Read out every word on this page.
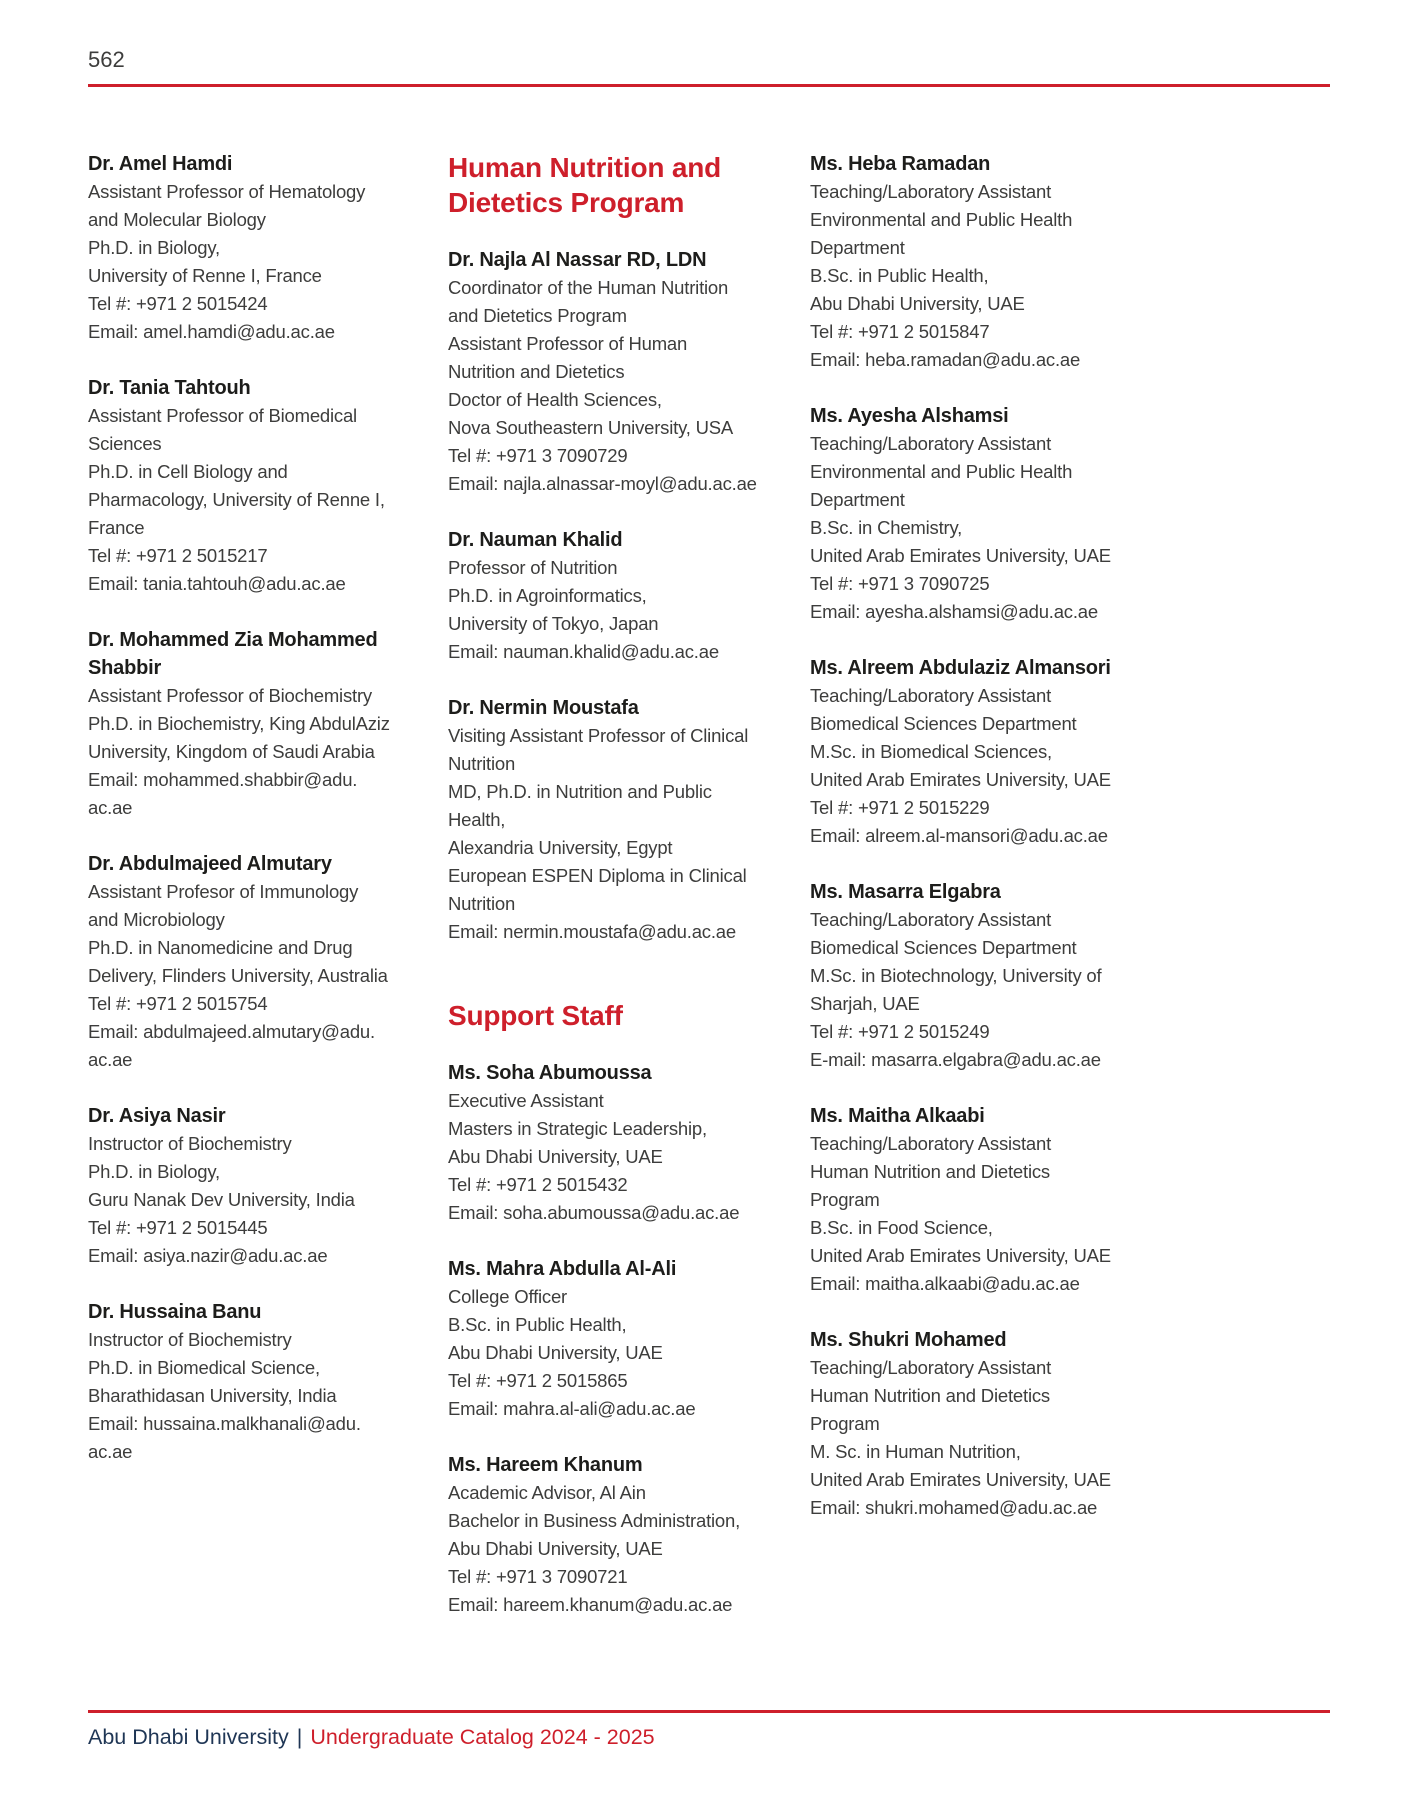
562
Dr. Amel Hamdi
Assistant Professor of Hematology
and Molecular Biology
Ph.D. in Biology,
University of Renne I, France
Tel #: +971 2 5015424
Email: amel.hamdi@adu.ac.ae
Dr. Tania Tahtouh
Assistant Professor of Biomedical
Sciences
Ph.D. in Cell Biology and
Pharmacology, University of Renne I,
France
Tel #: +971 2 5015217
Email: tania.tahtouh@adu.ac.ae
Dr. Mohammed Zia Mohammed
Shabbir
Assistant Professor of Biochemistry
Ph.D. in Biochemistry, King AbdulAziz
University, Kingdom of Saudi Arabia
Email: mohammed.shabbir@adu.
ac.ae
Dr. Abdulmajeed Almutary
Assistant Profesor of Immunology
and Microbiology
Ph.D. in Nanomedicine and Drug
Delivery, Flinders University, Australia
Tel #: +971 2 5015754
Email: abdulmajeed.almutary@adu.
ac.ae
Dr. Asiya Nasir
Instructor of Biochemistry
Ph.D. in Biology,
Guru Nanak Dev University, India
Tel #: +971 2 5015445
Email: asiya.nazir@adu.ac.ae
Dr. Hussaina Banu
Instructor of Biochemistry
Ph.D. in Biomedical Science,
Bharathidasan University, India
Email: hussaina.malkhanali@adu.
ac.ae
Human Nutrition and
Dietetics Program
Dr. Najla Al Nassar RD, LDN
Coordinator of the Human Nutrition
and Dietetics Program
Assistant Professor of Human
Nutrition and Dietetics
Doctor of Health Sciences,
Nova Southeastern University, USA
Tel #: +971 3 7090729
Email: najla.alnassar-moyl@adu.ac.ae
Dr. Nauman Khalid
Professor of Nutrition
Ph.D. in Agroinformatics,
University of Tokyo, Japan
Email: nauman.khalid@adu.ac.ae
Dr. Nermin Moustafa
Visiting Assistant Professor of Clinical
Nutrition
MD, Ph.D. in Nutrition and Public
Health,
Alexandria University, Egypt
European ESPEN Diploma in Clinical
Nutrition
Email: nermin.moustafa@adu.ac.ae
Support Staff
Ms. Soha Abumoussa
Executive Assistant
Masters in Strategic Leadership,
Abu Dhabi University, UAE
Tel #: +971 2 5015432
Email: soha.abumoussa@adu.ac.ae
Ms. Mahra Abdulla Al-Ali
College Officer
B.Sc. in Public Health,
Abu Dhabi University, UAE
Tel #: +971 2 5015865
Email: mahra.al-ali@adu.ac.ae
Ms. Hareem Khanum
Academic Advisor, Al Ain
Bachelor in Business Administration,
Abu Dhabi University, UAE
Tel #: +971 3 7090721
Email: hareem.khanum@adu.ac.ae
Ms. Heba Ramadan
Teaching/Laboratory Assistant
Environmental and Public Health
Department
B.Sc. in Public Health,
Abu Dhabi University, UAE
Tel #: +971 2 5015847
Email: heba.ramadan@adu.ac.ae
Ms. Ayesha Alshamsi
Teaching/Laboratory Assistant
Environmental and Public Health
Department
B.Sc. in Chemistry,
United Arab Emirates University, UAE
Tel #: +971 3 7090725
Email: ayesha.alshamsi@adu.ac.ae
Ms. Alreem Abdulaziz Almansori
Teaching/Laboratory Assistant
Biomedical Sciences Department
M.Sc. in Biomedical Sciences,
United Arab Emirates University, UAE
Tel #: +971 2 5015229
Email: alreem.al-mansori@adu.ac.ae
Ms. Masarra Elgabra
Teaching/Laboratory Assistant
Biomedical Sciences Department
M.Sc. in Biotechnology, University of
Sharjah, UAE
Tel #: +971 2 5015249
E-mail: masarra.elgabra@adu.ac.ae
Ms. Maitha Alkaabi
Teaching/Laboratory Assistant
Human Nutrition and Dietetics
Program
B.Sc. in Food Science,
United Arab Emirates University, UAE
Email: maitha.alkaabi@adu.ac.ae
Ms. Shukri Mohamed
Teaching/Laboratory Assistant
Human Nutrition and Dietetics
Program
M. Sc. in Human Nutrition,
United Arab Emirates University, UAE
Email: shukri.mohamed@adu.ac.ae
Abu Dhabi University | Undergraduate Catalog 2024 - 2025
